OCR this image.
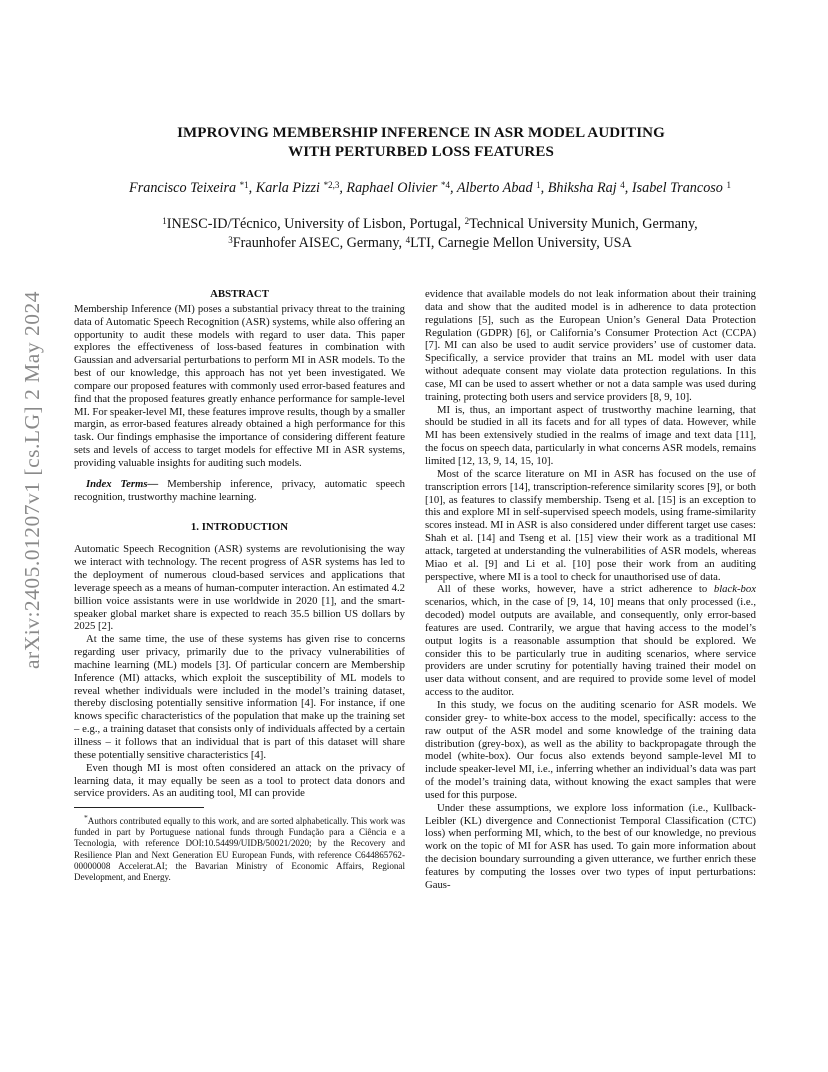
arXiv:2405.01207v1 [cs.LG] 2 May 2024
IMPROVING MEMBERSHIP INFERENCE IN ASR MODEL AUDITING
WITH PERTURBED LOSS FEATURES
Francisco Teixeira $^{*1}$, Karla Pizzi $^{*2,3}$, Raphael Olivier $^{*4}$, Alberto Abad $^1$, Bhiksha Raj $^4$, Isabel Trancoso $^1$
$^1$INESC-ID/Técnico, University of Lisbon, Portugal, $^2$Technical University Munich, Germany,
$^3$Fraunhofer AISEC, Germany, $^4$LTI, Carnegie Mellon University, USA
ABSTRACT

Membership Inference (MI) poses a substantial privacy threat to the training data of Automatic Speech Recognition (ASR) systems, while also offering an opportunity to audit these models with regard to user data. This paper explores the effectiveness of loss-based features in combination with Gaussian and adversarial perturbations to perform MI in ASR models. To the best of our knowledge, this approach has not yet been investigated. We compare our proposed features with commonly used error-based features and find that the proposed features greatly enhance performance for sample-level MI. For speaker-level MI, these features improve results, though by a smaller margin, as error-based features already obtained a high performance for this task. Our findings emphasise the importance of considering different feature sets and levels of access to target models for effective MI in ASR systems, providing valuable insights for auditing such models.

Index Terms— Membership inference, privacy, automatic speech recognition, trustworthy machine learning.

1. INTRODUCTION

Automatic Speech Recognition (ASR) systems are revolutionising the way we interact with technology. The recent progress of ASR systems has led to the deployment of numerous cloud-based services and applications that leverage speech as a means of human-computer interaction. An estimated 4.2 billion voice assistants were in use worldwide in 2020 [1], and the smart-speaker global market share is expected to reach 35.5 billion US dollars by 2025 [2].

At the same time, the use of these systems has given rise to concerns regarding user privacy, primarily due to the privacy vulnerabilities of machine learning (ML) models [3]. Of particular concern are Membership Inference (MI) attacks, which exploit the susceptibility of ML models to reveal whether individuals were included in the model’s training dataset, thereby disclosing potentially sensitive information [4]. For instance, if one knows specific characteristics of the population that make up the training set – e.g., a training dataset that consists only of individuals affected by a certain illness – it follows that an individual that is part of this dataset will share these potentially sensitive characteristics [4].

Even though MI is most often considered an attack on the privacy of learning data, it may equally be seen as a tool to protect data donors and service providers. As an auditing tool, MI can provide

*Authors contributed equally to this work, and are sorted alphabetically. This work was funded in part by Portuguese national funds through Fundação para a Ciência e a Tecnologia, with reference DOI:10.54499/UIDB/50021/2020; by the Recovery and Resilience Plan and Next Generation EU European Funds, with reference C644865762-00000008 Accelerat.AI; the Bavarian Ministry of Economic Affairs, Regional Development, and Energy.

evidence that available models do not leak information about their training data and show that the audited model is in adherence to data protection regulations [5], such as the European Union’s General Data Protection Regulation (GDPR) [6], or California’s Consumer Protection Act (CCPA) [7]. MI can also be used to audit service providers’ use of customer data. Specifically, a service provider that trains an ML model with user data without adequate consent may violate data protection regulations. In this case, MI can be used to assert whether or not a data sample was used during training, protecting both users and service providers [8, 9, 10].

MI is, thus, an important aspect of trustworthy machine learning, that should be studied in all its facets and for all types of data. However, while MI has been extensively studied in the realms of image and text data [11], the focus on speech data, particularly in what concerns ASR models, remains limited [12, 13, 9, 14, 15, 10].

Most of the scarce literature on MI in ASR has focused on the use of transcription errors [14], transcription-reference similarity scores [9], or both [10], as features to classify membership. Tseng et al. [15] is an exception to this and explore MI in self-supervised speech models, using frame-similarity scores instead. MI in ASR is also considered under different target use cases: Shah et al. [14] and Tseng et al. [15] view their work as a traditional MI attack, targeted at understanding the vulnerabilities of ASR models, whereas Miao et al. [9] and Li et al. [10] pose their work from an auditing perspective, where MI is a tool to check for unauthorised use of data.

All of these works, however, have a strict adherence to black-box scenarios, which, in the case of [9, 14, 10] means that only processed (i.e., decoded) model outputs are available, and consequently, only error-based features are used. Contrarily, we argue that having access to the model’s output logits is a reasonable assumption that should be explored. We consider this to be particularly true in auditing scenarios, where service providers are under scrutiny for potentially having trained their model on user data without consent, and are required to provide some level of model access to the auditor.

In this study, we focus on the auditing scenario for ASR models. We consider grey- to white-box access to the model, specifically: access to the raw output of the ASR model and some knowledge of the training data distribution (grey-box), as well as the ability to backpropagate through the model (white-box). Our focus also extends beyond sample-level MI to include speaker-level MI, i.e., inferring whether an individual’s data was part of the model’s training data, without knowing the exact samples that were used for this purpose.

Under these assumptions, we explore loss information (i.e., Kullback-Leibler (KL) divergence and Connectionist Temporal Classification (CTC) loss) when performing MI, which, to the best of our knowledge, no previous work on the topic of MI for ASR has used. To gain more information about the decision boundary surrounding a given utterance, we further enrich these features by computing the losses over two types of input perturbations: Gaus-
